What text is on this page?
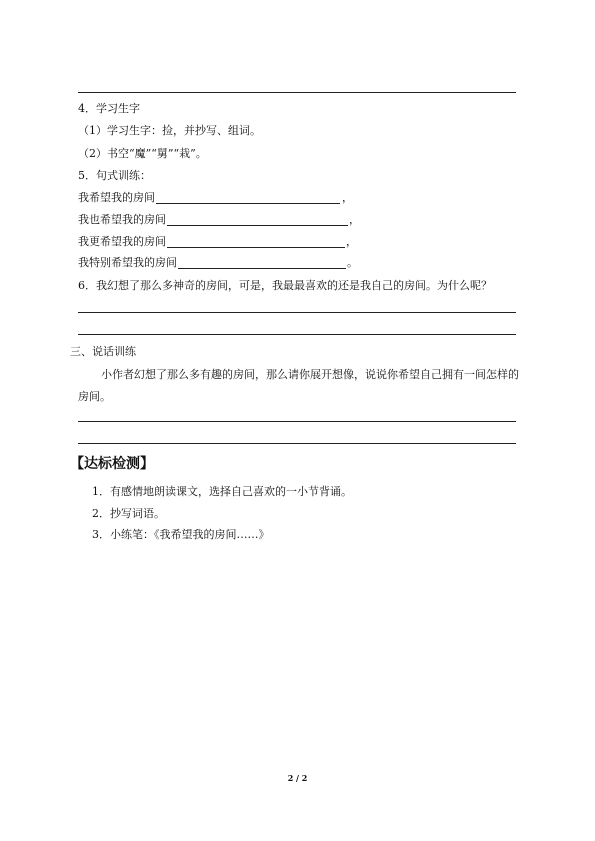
4．学习生字
（1）学习生字：捡，并抄写、组词。
（2）书空“魔”“舅”“栽”。
5．句式训练：
我希望我的房间	，
我也希望我的房间	，
我更希望我的房间	，
我特别希望我的房间	。
6．我幻想了那么多神奇的房间，可是，我最最喜欢的还是我自己的房间。为什么呢？
三、说话训练
小作者幻想了那么多有趣的房间，那么请你展开想像，说说你希望自己拥有一间怎样的
房间。
【达标检测】
1．有感情地朗读课文，选择自己喜欢的一小节背诵。
2．抄写词语。
3．小练笔：《我希望我的房间……》
2 / 2
